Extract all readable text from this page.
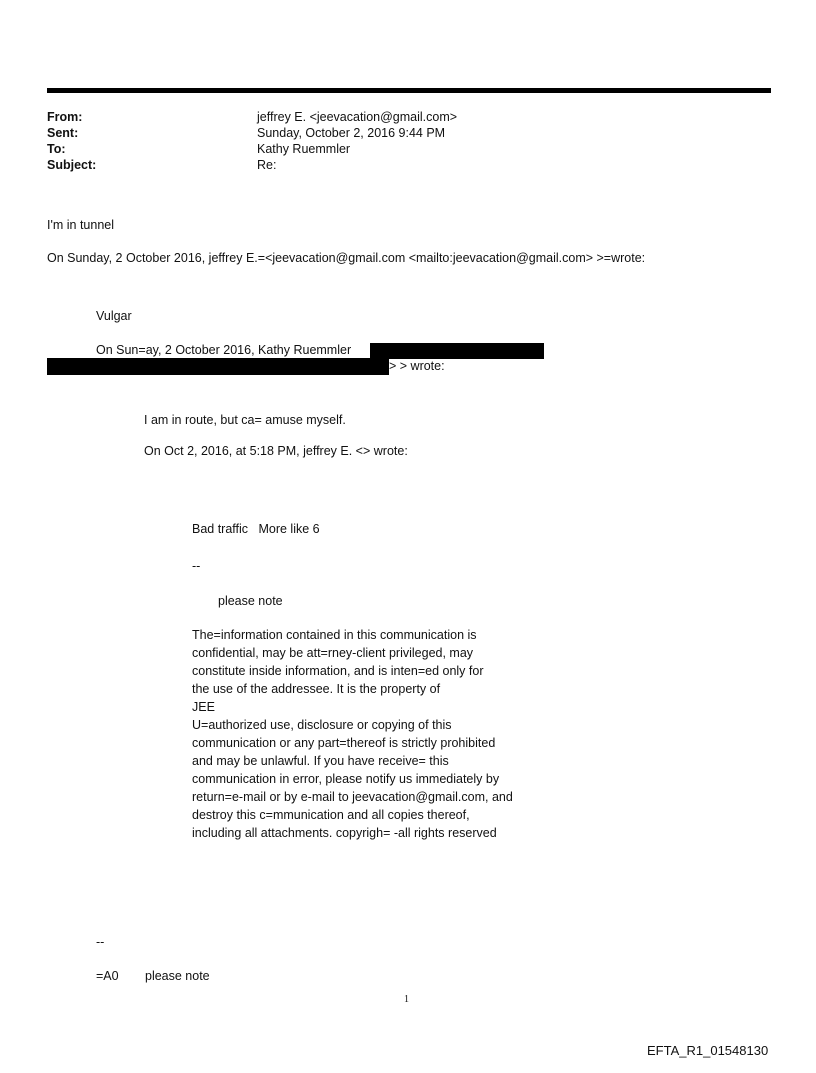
From:	jeffrey E. <jeevacation@gmail.com>
Sent:	Sunday, October 2, 2016 9:44 PM
To:	Kathy Ruemmler
Subject:	Re:
I'm in tunnel
On Sunday, 2 October 2016, jeffrey E.=<jeevacation@gmail.com <mailto:jeevacation@gmail.com> >=wrote:
Vulgar
On Sun=ay, 2 October 2016, Kathy Ruemmler
> > wrote:
I am in route, but ca= amuse myself.
On Oct 2, 2016, at 5:18 PM, jeffrey E. <> wrote:
Bad traffic   More like 6
--
please note
The=information contained in this communication is
confidential, may be att=rney-client privileged, may
constitute inside information, and is inten=ed only for
the use of the addressee. It is the property of
JEE
U=authorized use, disclosure or copying of this
communication or any part=thereof is strictly prohibited
and may be unlawful. If you have receive= this
communication in error, please notify us immediately by
return=e-mail or by e-mail to jeevacation@gmail.com, and
destroy this c=mmunication and all copies thereof,
including all attachments. copyrigh= -all rights reserved
--
=A0 please note
1
EFTA_R1_01548130
